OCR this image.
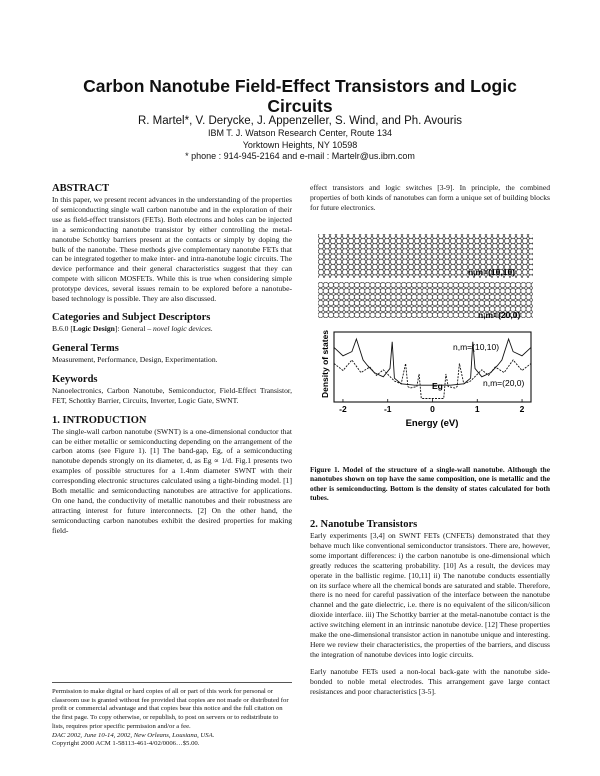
Carbon Nanotube Field-Effect Transistors and Logic
Circuits
R. Martel*, V. Derycke, J. Appenzeller, S. Wind, and Ph. Avouris
IBM T. J. Watson Research Center, Route 134
Yorktown Heights, NY 10598
* phone : 914-945-2164 and e-mail : Martelr@us.ibm.com
ABSTRACT

In this paper, we present recent advances in the understanding of the properties of semiconducting single wall carbon nanotube and in the exploration of their use as field-effect transistors (FETs). Both electrons and holes can be injected in a semiconducting nanotube transistor by either controlling the metal-nanotube Schottky barriers present at the contacts or simply by doping the bulk of the nanotube. These methods give complementary nanotube FETs that can be integrated together to make inter- and intra-nanotube logic circuits. The device performance and their general characteristics suggest that they can compete with silicon MOSFETs. While this is true when considering simple prototype devices, several issues remain to be explored before a nanotube-based technology is possible. They are also discussed.

Categories and Subject Descriptors

B.6.0 [Logic Design]: General – novel logic devices.

General Terms

Measurement, Performance, Design, Experimentation.

Keywords

Nanoelectronics, Carbon Nanotube, Semiconductor, Field-Effect Transistor, FET, Schottky Barrier, Circuits, Inverter, Logic Gate, SWNT.

1. INTRODUCTION

The single-wall carbon nanotube (SWNT) is a one-dimensional conductor that can be either metallic or semiconducting depending on the arrangement of the carbon atoms (see Figure 1). [1] The band-gap, Eg, of a semiconducting nanotube depends strongly on its diameter, d, as Eg ∝ 1/d. Fig.1 presents two examples of possible structures for a 1.4nm diameter SWNT with their corresponding electronic structures calculated using a tight-binding model. [1] Both metallic and semiconducting nanotubes are attractive for applications. On one hand, the conductivity of metallic nanotubes and their robustness are attracting interest for future interconnects. [2] On the other hand, the semiconducting carbon nanotubes exhibit the desired properties for making field-

Permission to make digital or hard copies of all or part of this work for personal or classroom use is granted without fee provided that copies are not made or distributed for profit or commercial advantage and that copies bear this notice and the full citation on the first page. To copy otherwise, or republish, to post on servers or to redistribute to lists, requires prior specific permission and/or a fee.
DAC 2002, June 10-14, 2002, New Orleans, Lousiana, USA.
Copyright 2000 ACM 1-58113-461-4/02/0006…$5.00.

effect transistors and logic switches [3-9]. In principle, the combined properties of both kinds of nanotubes can form a unique set of building blocks for future electronics.

n,m=(10,10)
n,m=(20,0)
-2	-1	0	1	2
n,m=(10,10)
n,m=(20,0)
Eg
Density of states
Energy (eV)
Figure 1. Model of the structure of a single-wall nanotube. Although the nanotubes shown on top have the same composition, one is metallic and the other is semiconducting. Bottom is the density of states calculated for both tubes.
2. Nanotube Transistors

Early experiments [3,4] on SWNT FETs (CNFETs) demonstrated that they behave much like conventional semiconductor transistors. There are, however, some important differences: i) the carbon nanotube is one-dimensional which greatly reduces the scattering probability. [10] As a result, the devices may operate in the ballistic regime. [10,11] ii) The nanotube conducts essentially on its surface where all the chemical bonds are saturated and stable. Therefore, there is no need for careful passivation of the interface between the nanotube channel and the gate dielectric, i.e. there is no equivalent of the silicon/silicon dioxide interface. iii) The Schottky barrier at the metal-nanotube contact is the active switching element in an intrinsic nanotube device. [12] These properties make the one-dimensional transistor action in nanotube unique and interesting. Here we review their characteristics, the properties of the barriers, and discuss the integration of nanotube devices into logic circuits.

Early nanotube FETs used a non-local back-gate with the nanotube side-bonded to noble metal electrodes. This arrangement gave large contact resistances and poor characteristics [3-5].
